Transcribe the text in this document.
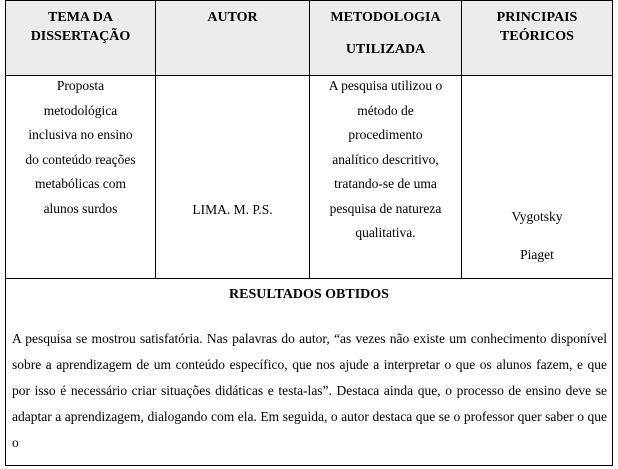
TEMA DA
DISSERTAÇÃO
AUTOR	METODOLOGIA
UTILIZADA
PRINCIPAIS
TEÓRICOS
Proposta
metodológica
inclusiva no ensino
do conteúdo reações
metabólicas com
alunos surdos	LIMA. M. P.S.
A pesquisa utilizou o
método de
procedimento
analítico descritivo,
tratando-se de uma
pesquisa de natureza
qualitativa.
Vygotsky
Piaget
RESULTADOS OBTIDOS
A pesquisa se mostrou satisfatória. Nas palavras do autor, “as vezes não existe um conhecimento disponível sobre a aprendizagem de um conteúdo específico, que nos ajude a interpretar o que os alunos fazem, e que por isso é necessário criar situações didáticas e testa-las”. Destaca ainda que, o processo de ensino deve se adaptar a aprendizagem, dialogando com ela. Em seguida, o autor destaca que se o professor quer saber o que o
